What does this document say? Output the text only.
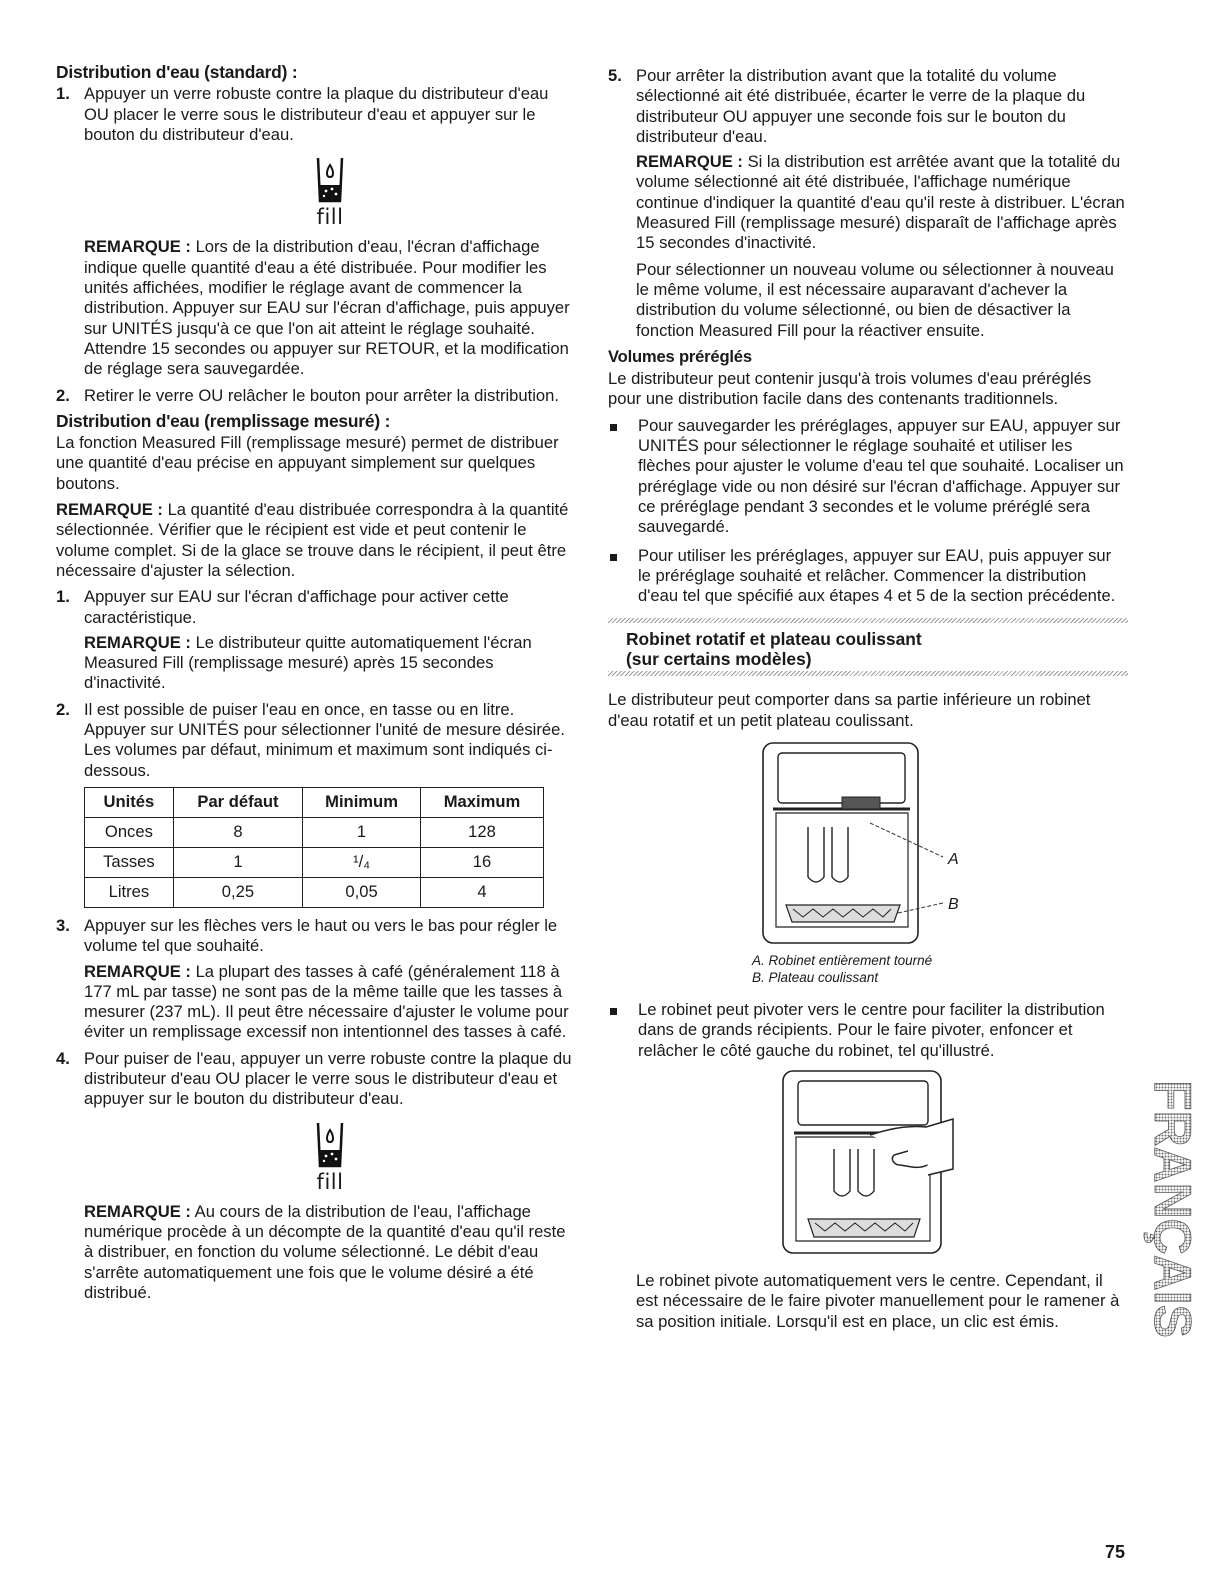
Distribution d'eau (standard) :
1. Appuyer un verre robuste contre la plaque du distributeur d'eau OU placer le verre sous le distributeur d'eau et appuyer sur le bouton du distributeur d'eau.
fill

REMARQUE : Lors de la distribution d'eau, l'écran d'affichage indique quelle quantité d'eau a été distribuée. Pour modifier les unités affichées, modifier le réglage avant de commencer la distribution. Appuyer sur EAU sur l'écran d'affichage, puis appuyer sur UNITÉS jusqu'à ce que l'on ait atteint le réglage souhaité. Attendre 15 secondes ou appuyer sur RETOUR, et la modification de réglage sera sauvegardée.

2. Retirer le verre OU relâcher le bouton pour arrêter la distribution.
Distribution d'eau (remplissage mesuré) :

La fonction Measured Fill (remplissage mesuré) permet de distribuer une quantité d'eau précise en appuyant simplement sur quelques boutons.

REMARQUE : La quantité d'eau distribuée correspondra à la quantité sélectionnée. Vérifier que le récipient est vide et peut contenir le volume complet. Si de la glace se trouve dans le récipient, il peut être nécessaire d'ajuster la sélection.

1. Appuyer sur EAU sur l'écran d'affichage pour activer cette caractéristique.

REMARQUE : Le distributeur quitte automatiquement l'écran Measured Fill (remplissage mesuré) après 15 secondes d'inactivité.

2. Il est possible de puiser l'eau en once, en tasse ou en litre. Appuyer sur UNITÉS pour sélectionner l'unité de mesure désirée. Les volumes par défaut, minimum et maximum sont indiqués ci-dessous.
Unités	Par défaut	Minimum	Maximum
Onces	8	1	128
Tasses	1	¹/₄	16
Litres	0,25	0,05	4
3. Appuyer sur les flèches vers le haut ou vers le bas pour régler le volume tel que souhaité.

REMARQUE : La plupart des tasses à café (généralement 118 à 177 mL par tasse) ne sont pas de la même taille que les tasses à mesurer (237 mL). Il peut être nécessaire d'ajuster le volume pour éviter un remplissage excessif non intentionnel des tasses à café.

4. Pour puiser de l'eau, appuyer un verre robuste contre la plaque du distributeur d'eau OU placer le verre sous le distributeur d'eau et appuyer sur le bouton du distributeur d'eau.
fill

REMARQUE : Au cours de la distribution de l'eau, l'affichage numérique procède à un décompte de la quantité d'eau qu'il reste à distribuer, en fonction du volume sélectionné. Le débit d'eau s'arrête automatiquement une fois que le volume désiré a été distribué.

5. Pour arrêter la distribution avant que la totalité du volume sélectionné ait été distribuée, écarter le verre de la plaque du distributeur OU appuyer une seconde fois sur le bouton du distributeur d'eau.

REMARQUE : Si la distribution est arrêtée avant que la totalité du volume sélectionné ait été distribuée, l'affichage numérique continue d'indiquer la quantité d'eau qu'il reste à distribuer. L'écran Measured Fill (remplissage mesuré) disparaît de l'affichage après 15 secondes d'inactivité.

Pour sélectionner un nouveau volume ou sélectionner à nouveau le même volume, il est nécessaire auparavant d'achever la distribution du volume sélectionné, ou bien de désactiver la fonction Measured Fill pour la réactiver ensuite.

Volumes préréglés

Le distributeur peut contenir jusqu'à trois volumes d'eau préréglés pour une distribution facile dans des contenants traditionnels.

Pour sauvegarder les préréglages, appuyer sur EAU, appuyer sur UNITÉS pour sélectionner le réglage souhaité et utiliser les flèches pour ajuster le volume d'eau tel que souhaité. Localiser un préréglage vide ou non désiré sur l'écran d'affichage. Appuyer sur ce préréglage pendant 3 secondes et le volume préréglé sera sauvegardé.
Pour utiliser les préréglages, appuyer sur EAU, puis appuyer sur le préréglage souhaité et relâcher. Commencer la distribution d'eau tel que spécifié aux étapes 4 et 5 de la section précédente.
Robinet rotatif et plateau coulissant
(sur certains modèles)

Le distributeur peut comporter dans sa partie inférieure un robinet d'eau rotatif et un petit plateau coulissant.

A
B
A. Robinet entièrement tourné
B. Plateau coulissant
Le robinet peut pivoter vers le centre pour faciliter la distribution dans de grands récipients. Pour le faire pivoter, enfoncer et relâcher le côté gauche du robinet, tel qu'illustré.

Le robinet pivote automatiquement vers le centre. Cependant, il est nécessaire de le faire pivoter manuellement pour le ramener à sa position initiale. Lorsqu'il est en place, un clic est émis.	FRANÇAIS
75
